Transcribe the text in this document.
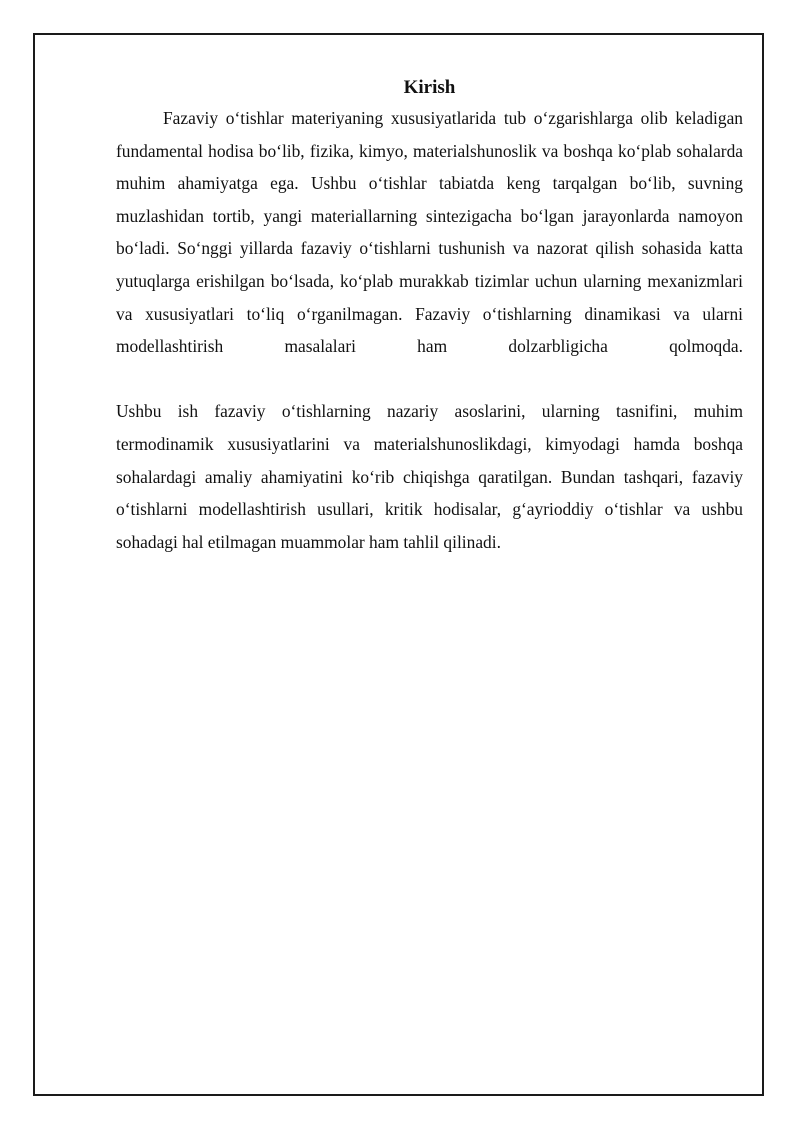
Kirish

Fazaviy o‘tishlar materiyaning xususiyatlarida tub o‘zgarishlarga olib keladigan fundamental hodisa bo‘lib, fizika, kimyo, materialshunoslik va boshqa ko‘plab sohalarda muhim ahamiyatga ega. Ushbu o‘tishlar tabiatda keng tarqalgan bo‘lib, suvning muzlashidan tortib, yangi materiallarning sintezigacha bo‘lgan jarayonlarda namoyon bo‘ladi. So‘nggi yillarda fazaviy o‘tishlarni tushunish va nazorat qilish sohasida katta yutuqlarga erishilgan bo‘lsada, ko‘plab murakkab tizimlar uchun ularning mexanizmlari va xususiyatlari to‘liq o‘rganilmagan. Fazaviy o‘tishlarning dinamikasi va ularni modellashtirish masalalari ham dolzarbligicha qolmoqda.

Ushbu ish fazaviy o‘tishlarning nazariy asoslarini, ularning tasnifini, muhim termodinamik xususiyatlarini va materialshunoslikdagi, kimyodagi hamda boshqa sohalardagi amaliy ahamiyatini ko‘rib chiqishga qaratilgan. Bundan tashqari, fazaviy o‘tishlarni modellashtirish usullari, kritik hodisalar, g‘ayrioddiy o‘tishlar va ushbu sohadagi hal etilmagan muammolar ham tahlil qilinadi.
